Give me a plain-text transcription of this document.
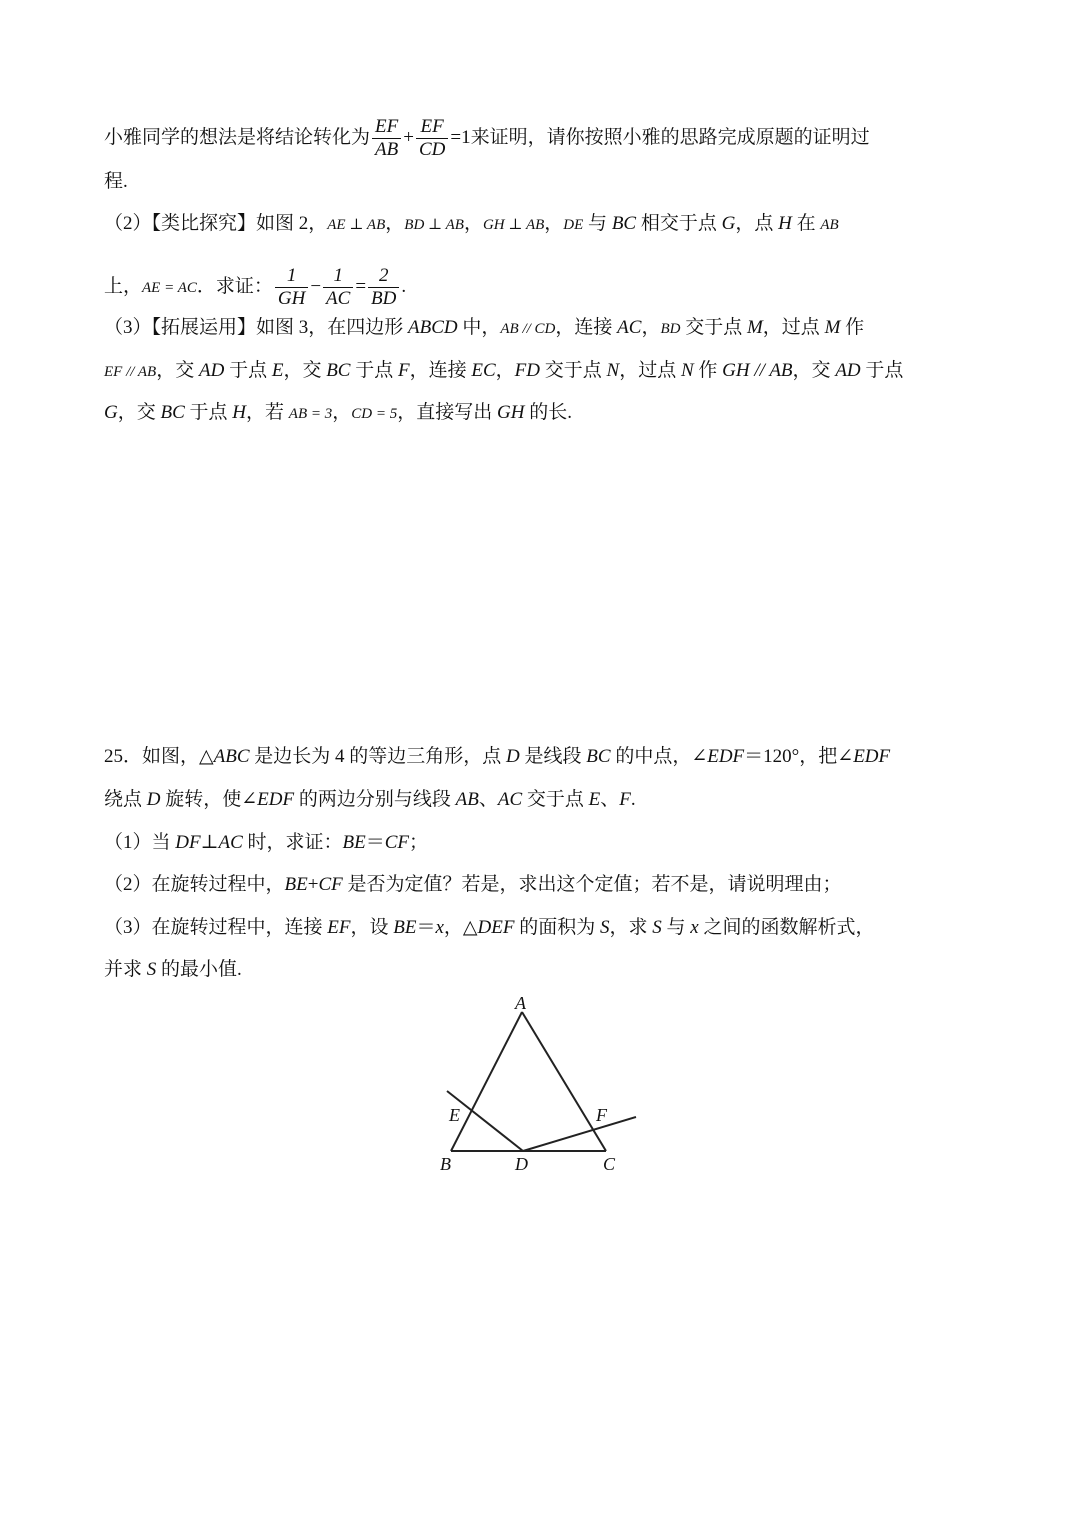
小雅同学的想法是将结论转化为 $\frac{EF}{AB} + \frac{EF}{CD} =1$来证明，请你按照小雅的思路完成原题的证明过
程.
（2）【类比探究】如图 2，AE ⊥ AB，BD ⊥ AB，GH ⊥ AB，DE 与 BC 相交于点 G，点 H 在 AB
上，AE = AC．求证： $\frac{1}{GH} - \frac{1}{AC} = \frac{2}{BD}$ .
（3）【拓展运用】如图 3，在四边形 ABCD 中，AB // CD，连接 AC，BD 交于点 M，过点 M 作
EF // AB，交 AD 于点 E，交 BC 于点 F，连接 EC，FD 交于点 N，过点 N 作 GH // AB，交 AD 于点
G，交 BC 于点 H，若 AB = 3，CD = 5，直接写出 GH 的长.
25．如图，△ABC 是边长为 4 的等边三角形，点 D 是线段 BC 的中点，∠EDF＝120°，把∠EDF
绕点 D 旋转，使∠EDF 的两边分别与线段 AB、AC 交于点 E、F.
（1）当 DF⊥AC 时，求证：BE＝CF；
（2）在旋转过程中，BE+CF 是否为定值？若是，求出这个定值；若不是，请说明理由；
（3）在旋转过程中，连接 EF，设 BE＝x，△DEF 的面积为 S，求 S 与 x 之间的函数解析式，
并求 S 的最小值.
A
B	C
D
E	F
